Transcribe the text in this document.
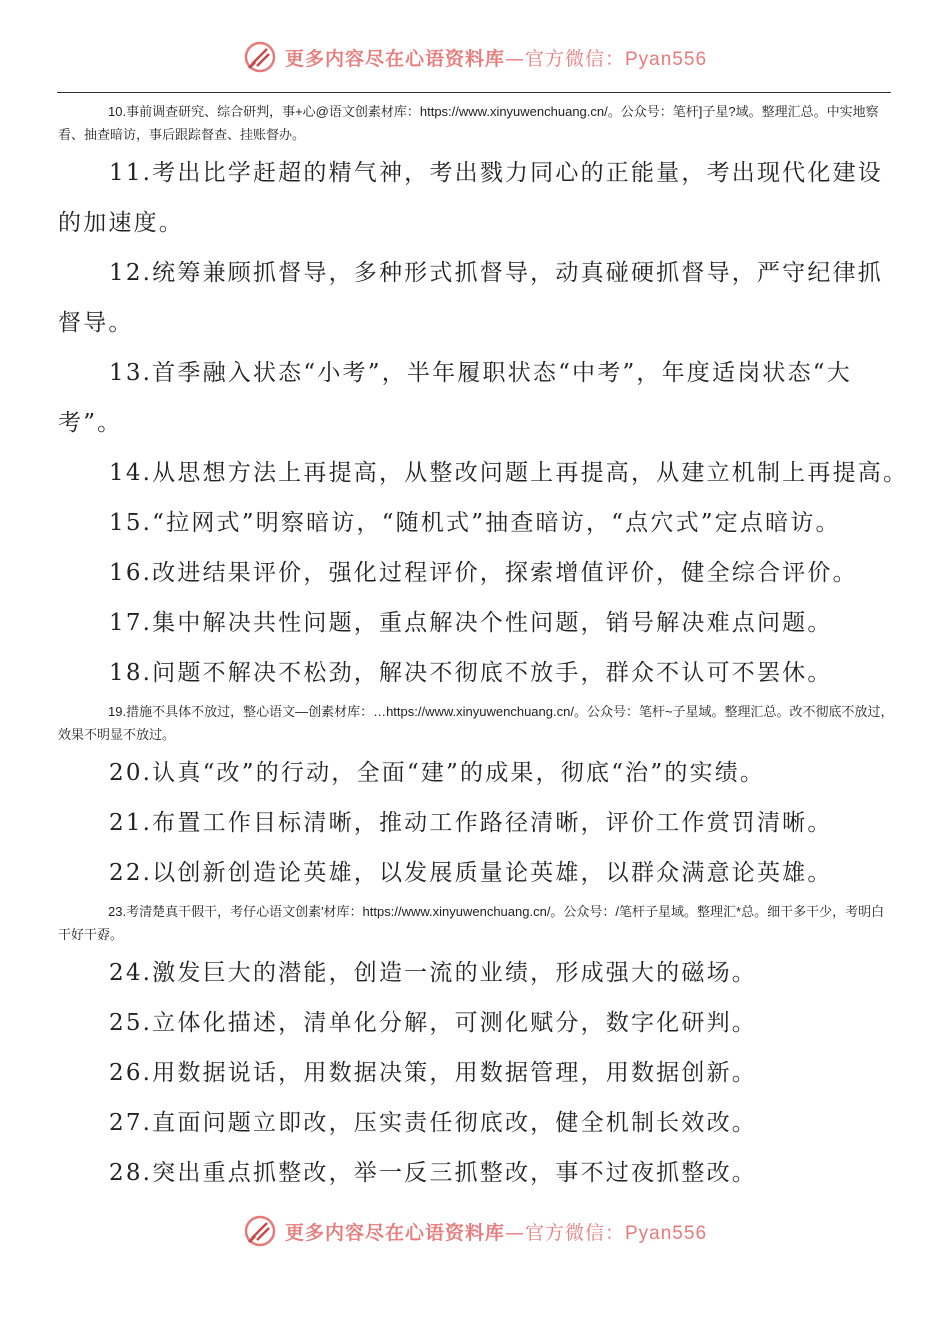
更多内容尽在心语资料库—官方微信：Pyan556

10.事前调查研究、综合研判，事+心@语文创素材库：https://www.xinyuwenchuang.cn/。公众号：笔杆]子星?域。整理汇总。中实地察看、抽查暗访，事后跟踪督查、挂账督办。

11.考出比学赶超的精气神，考出戮力同心的正能量，考出现代化建设的加速度。

12.统筹兼顾抓督导，多种形式抓督导，动真碰硬抓督导，严守纪律抓督导。

13.首季融入状态“小考”，半年履职状态“中考”，年度适岗状态“大考”。

14.从思想方法上再提高，从整改问题上再提高，从建立机制上再提高。

15.“拉网式”明察暗访，“随机式”抽查暗访，“点穴式”定点暗访。

16.改进结果评价，强化过程评价，探索增值评价，健全综合评价。

17.集中解决共性问题，重点解决个性问题，销号解决难点问题。

18.问题不解决不松劲，解决不彻底不放手，群众不认可不罢休。

19.措施不具体不放过，整心语文—创素材库：…https://www.xinyuwenchuang.cn/。公众号：笔杆~子星域。整理汇总。改不彻底不放过，效果不明显不放过。

20.认真“改”的行动，全面“建”的成果，彻底“治”的实绩。

21.布置工作目标清晰，推动工作路径清晰，评价工作赏罚清晰。

22.以创新创造论英雄，以发展质量论英雄，以群众满意论英雄。

23.考清楚真干假干，考仔心语文创素'材库：https://www.xinyuwenchuang.cn/。公众号：/笔杆子星域。整理汇*总。细干多干少，考明白干好干孬。

24.激发巨大的潜能，创造一流的业绩，形成强大的磁场。

25.立体化描述，清单化分解，可测化赋分，数字化研判。

26.用数据说话，用数据决策，用数据管理，用数据创新。

27.直面问题立即改，压实责任彻底改，健全机制长效改。

28.突出重点抓整改，举一反三抓整改，事不过夜抓整改。

更多内容尽在心语资料库—官方微信：Pyan556
